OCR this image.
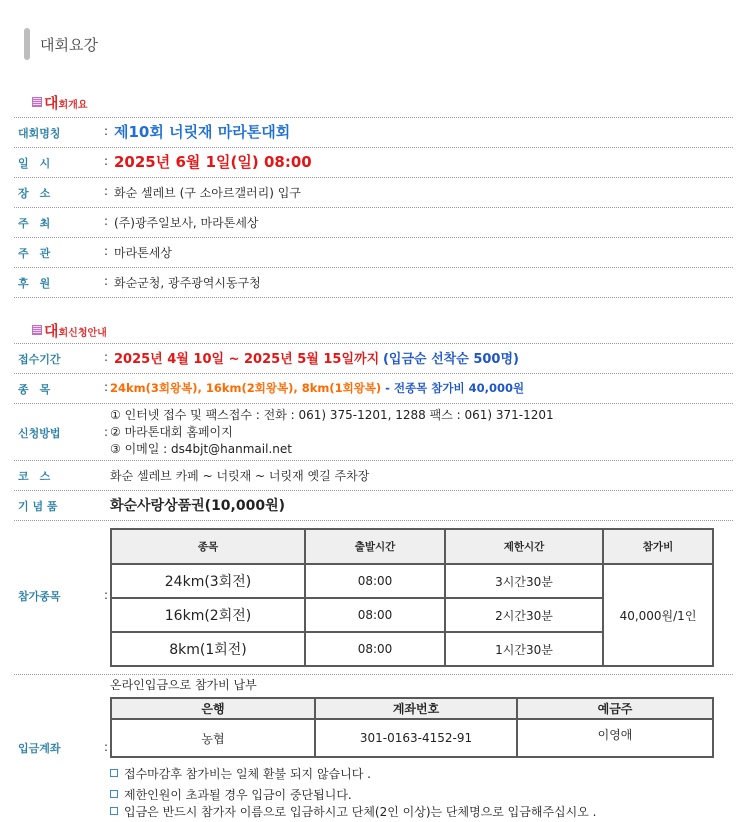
대회요강
대회개요
대회명칭	: 제10회 너릿재 마라톤대회
일　시	: 2025년 6월 1일(일) 08:00
장　소	: 화순 셀레브 (구 소아르갤러리) 입구
주　최	: (주)광주일보사, 마라톤세상
주　관	: 마라톤세상
후　원	: 화순군청, 광주광역시동구청
대회신청안내
접수기간	: 2025년 4월 10일 ~ 2025년 5월 15일까지 (입금순 선착순 500명)
종　목	: 24km(3회왕복), 16km(2회왕복), 8km(1회왕복) - 전종목 참가비 40,000원
신청방법	:
① 인터넷 접수 및 팩스접수 : 전화 : 061) 375-1201, 1288 팩스 : 061) 371-1201
② 마라톤대회 홈페이지
③ 이메일 : ds4bjt@hanmail.net
코　스	화순 셀레브 카페 ~ 너릿재 ~ 너릿재 옛길 주차장
기 념 품	화순사랑상품권(10,000원)
참가종목	:
종목	출발시간	제한시간	참가비
24km(3회전)	08:00	3시간30분	40,000원/1인
16km(2회전)	08:00	2시간30분	
8km(1회전)	08:00	1시간30분	
온라인입금으로 참가비 납부
입금계좌	:
은행	계좌번호	예금주
농협	301-0163-4152-91	이영애
접수마감후 참가비는 일체 환불 되지 않습니다 .
제한인원이 초과될 경우 입금이 중단됩니다.
입금은 반드시 참가자 이름으로 입금하시고 단체(2인 이상)는 단체명으로 입금해주십시오 .
